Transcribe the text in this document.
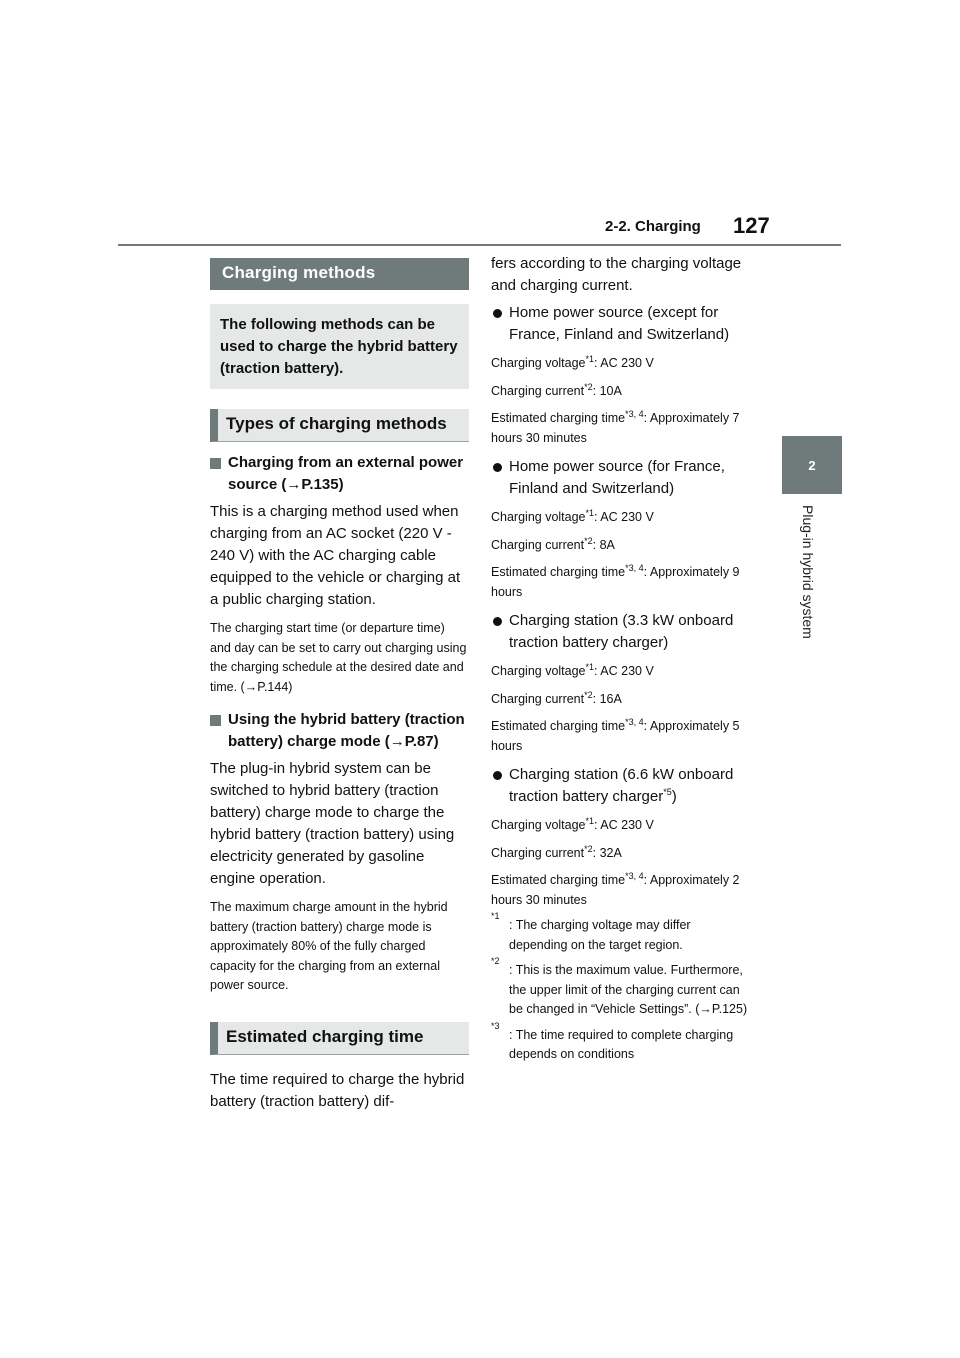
2-2. Charging 127
2
Plug-in hybrid system
Charging methods
The following methods can be used to charge the hybrid battery (traction battery).
Types of charging methods
Charging from an external power source (→P.135)
This is a charging method used when charging from an AC socket (220 V - 240 V) with the AC charging cable equipped to the vehicle or charging at a public charging station.
The charging start time (or departure time) and day can be set to carry out charging using the charging schedule at the desired date and time. (→P.144)
Using the hybrid battery (traction battery) charge mode (→P.87)
The plug-in hybrid system can be switched to hybrid battery (traction battery) charge mode to charge the hybrid battery (traction battery) using electricity generated by gasoline engine operation.
The maximum charge amount in the hybrid battery (traction battery) charge mode is approximately 80% of the fully charged capacity for the charging from an external power source.
Estimated charging time
The time required to charge the hybrid battery (traction battery) dif-
fers according to the charging voltage and charging current.
Home power source (except for France, Finland and Switzerland)
Charging voltage$^{*1}$: AC 230 V
Charging current$^{*2}$: 10A
Estimated charging time$^{*3, 4}$: Approximately 7 hours 30 minutes
Home power source (for France, Finland and Switzerland)
Charging voltage$^{*1}$: AC 230 V
Charging current$^{*2}$: 8A
Estimated charging time$^{*3, 4}$: Approximately 9 hours
Charging station (3.3 kW onboard traction battery charger)
Charging voltage$^{*1}$: AC 230 V
Charging current$^{*2}$: 16A
Estimated charging time$^{*3, 4}$: Approximately 5 hours
Charging station (6.6 kW onboard traction battery charger$^{*5}$)
Charging voltage$^{*1}$: AC 230 V
Charging current$^{*2}$: 32A
Estimated charging time$^{*3, 4}$: Approximately 2 hours 30 minutes
*1
: The charging voltage may differ depending on the target region.
*2
: This is the maximum value. Furthermore, the upper limit of the charging current can be changed in “Vehicle Settings”. (→P.125)
*3
: The time required to complete charging depends on conditions
